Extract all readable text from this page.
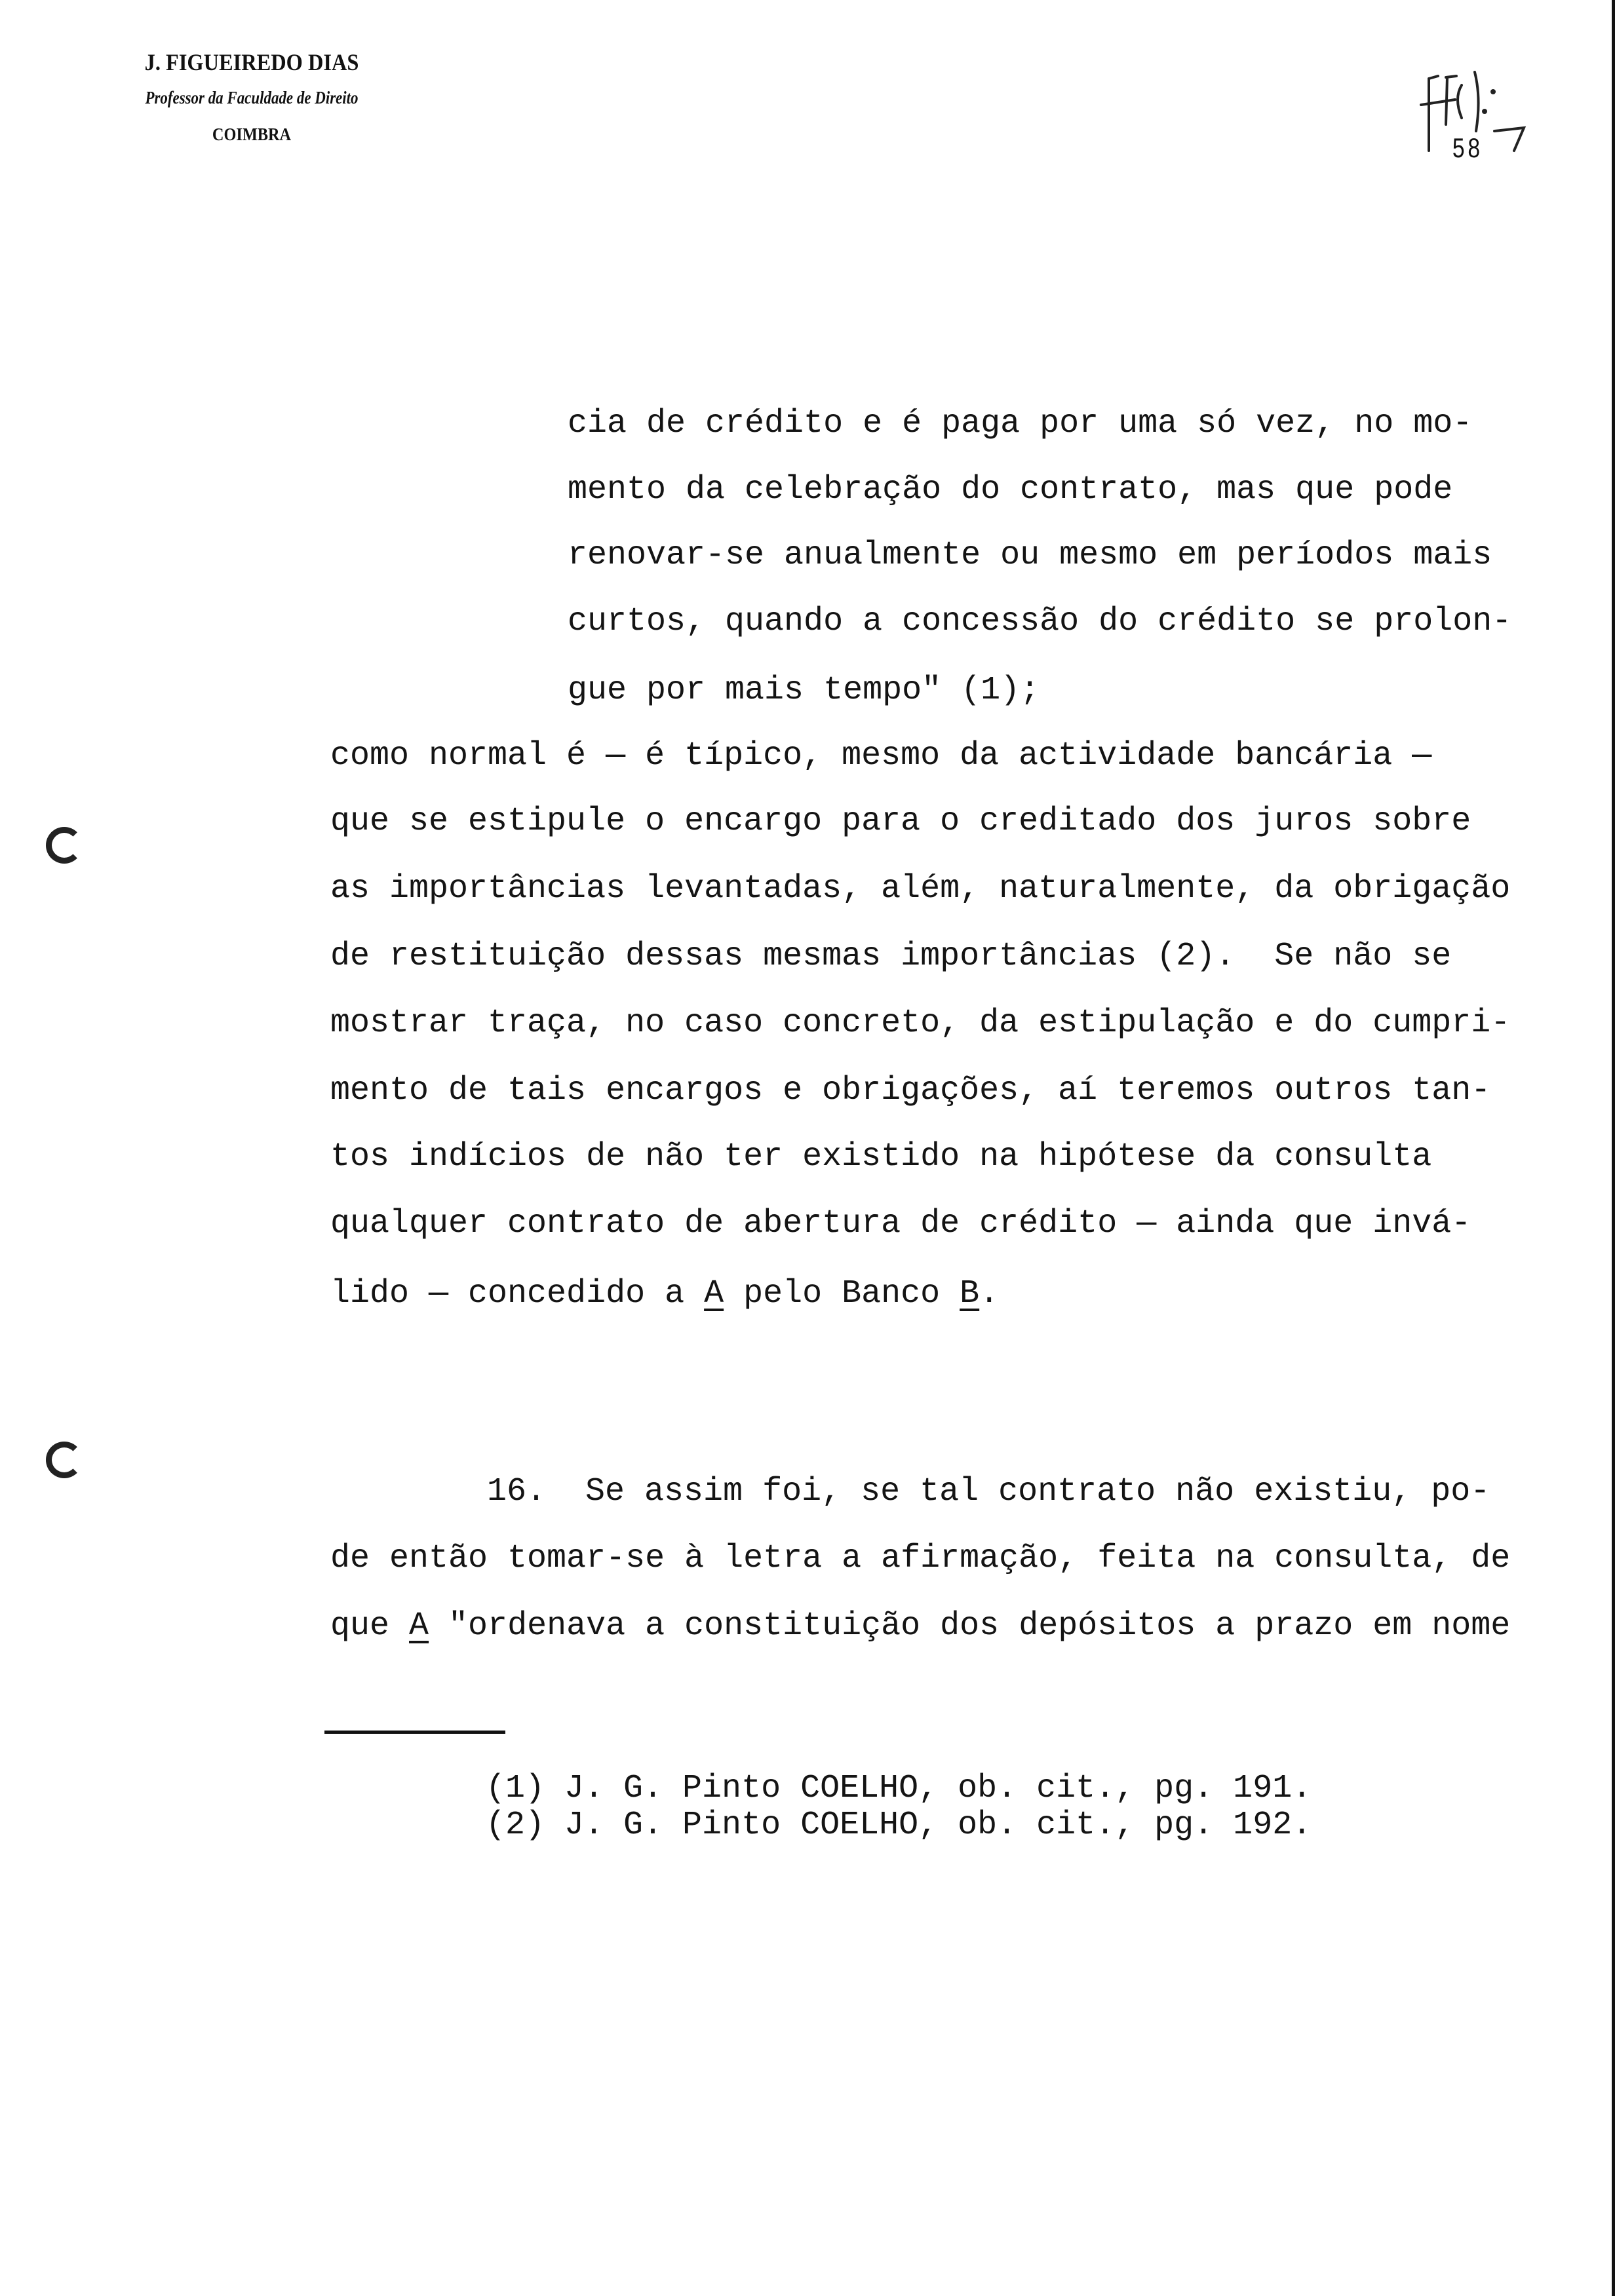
J. FIGUEIREDO DIAS
Professor da Faculdade de Direito
COIMBRA	58
cia de crédito e é paga por uma só vez, no mo-
mento da celebração do contrato, mas que pode
renovar-se anualmente ou mesmo em períodos mais
curtos, quando a concessão do crédito se prolon-
gue por mais tempo" (1);
como normal é — é típico, mesmo da actividade bancária —
que se estipule o encargo para o creditado dos juros sobre
as importâncias levantadas, além, naturalmente, da obrigação
de restituição dessas mesmas importâncias (2).  Se não se
mostrar traça, no caso concreto, da estipulação e do cumpri-
mento de tais encargos e obrigações, aí teremos outros tan-
tos indícios de não ter existido na hipótese da consulta
qualquer contrato de abertura de crédito — ainda que invá-
lido — concedido a A pelo Banco B.
16.  Se assim foi, se tal contrato não existiu, po-
de então tomar-se à letra a afirmação, feita na consulta, de
que A "ordenava a constituição dos depósitos a prazo em nome
(1) J. G. Pinto COELHO, ob. cit., pg. 191.
(2) J. G. Pinto COELHO, ob. cit., pg. 192.
